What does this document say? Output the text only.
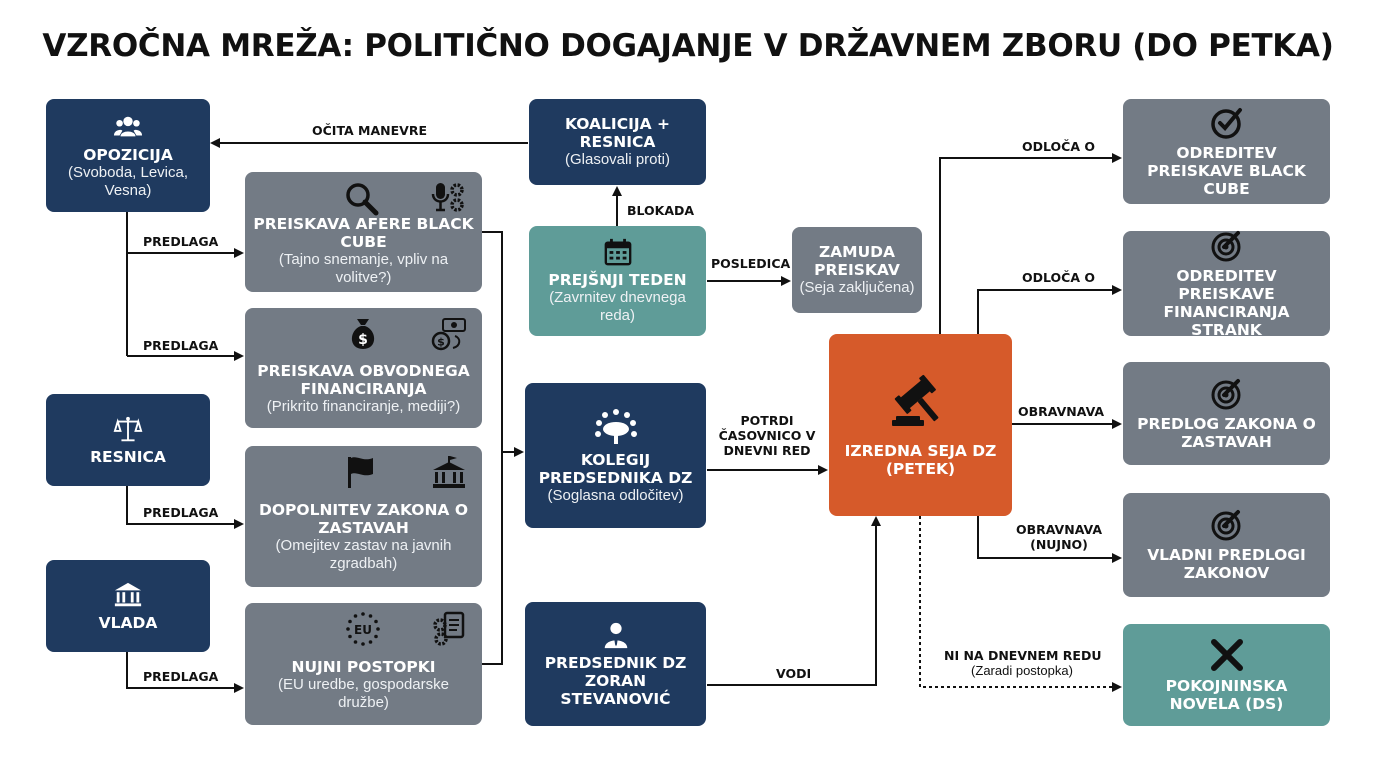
VZROČNA MREŽA: POLITIČNO DOGAJANJE V DRŽAVNEM ZBORU (DO PETKA)
OČITA MANEVRE
PREDLAGA
PREDLAGA
PREDLAGA
PREDLAGA
BLOKADA
POSLEDICA
POTRDI ČASOVNICO V DNEVNI RED
VODI
ODLOČA O
ODLOČA O
OBRAVNAVA
OBRAVNAVA (NUJNO)
NI NA DNEVNEM REDU
(Zaradi postopka)
OPOZICIJA
(Svoboda, Levica, Vesna)
RESNICA
VLADA
PREISKAVA AFERE BLACK CUBE
(Tajno snemanje, vpliv na volitve?)
$	$
PREISKAVA OBVODNEGA FINANCIRANJA
(Prikrito financiranje, mediji?)
DOPOLNITEV ZAKONA O ZASTAVAH
(Omejitev zastav na javnih zgradbah)
EU
NUJNI POSTOPKI
(EU uredbe, gospodarske družbe)
KOALICIJA + RESNICA
(Glasovali proti)
PREJŠNJI TEDEN
(Zavrnitev dnevnega reda)
ZAMUDA PREISKAV
(Seja zaključena)
KOLEGIJ PREDSEDNIKA DZ
(Soglasna odločitev)
PREDSEDNIK DZ ZORAN STEVANOVIĆ
IZREDNA SEJA DZ (PETEK)
ODREDITEV PREISKAVE BLACK CUBE
ODREDITEV PREISKAVE FINANCIRANJA STRANK
PREDLOG ZAKONA O ZASTAVAH
VLADNI PREDLOGI ZAKONOV
POKOJNINSKA NOVELA (DS)
